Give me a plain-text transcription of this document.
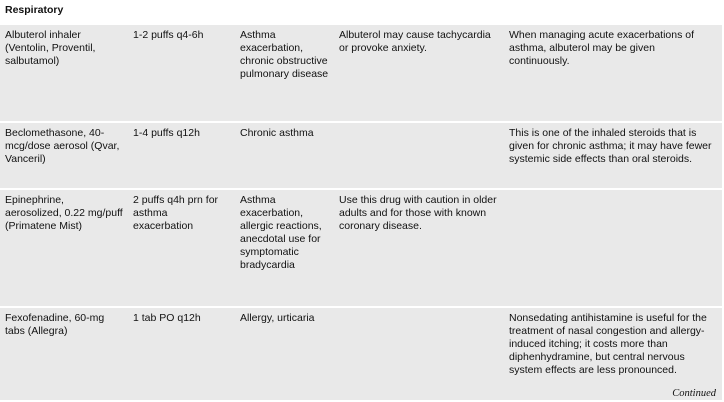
Respiratory				
Albuterol inhaler (Ventolin, Proventil, salbutamol)	1-2 puffs q4-6h	Asthma exacerbation, chronic obstructive pulmonary disease	Albuterol may cause tachycardia or provoke anxiety.	When managing acute exacerbations of asthma, albuterol may be given continuously.
Beclomethasone, 40-mcg/dose aerosol (Qvar, Vanceril)	1-4 puffs q12h	Chronic asthma		This is one of the inhaled steroids that is given for chronic asthma; it may have fewer systemic side effects than oral steroids.
Epinephrine, aerosolized, 0.22 mg/puff (Primatene Mist)	2 puffs q4h prn for asthma exacerbation	Asthma exacerbation, allergic reactions, anecdotal use for symptomatic bradycardia	Use this drug with caution in older adults and for those with known coronary disease.	
Fexofenadine, 60-mg tabs (Allegra)	1 tab PO q12h	Allergy, urticaria		Nonsedating antihistamine is useful for the treatment of nasal congestion and allergy-induced itching; it costs more than diphenhydramine, but central nervous system effects are less pronounced.
Continued
